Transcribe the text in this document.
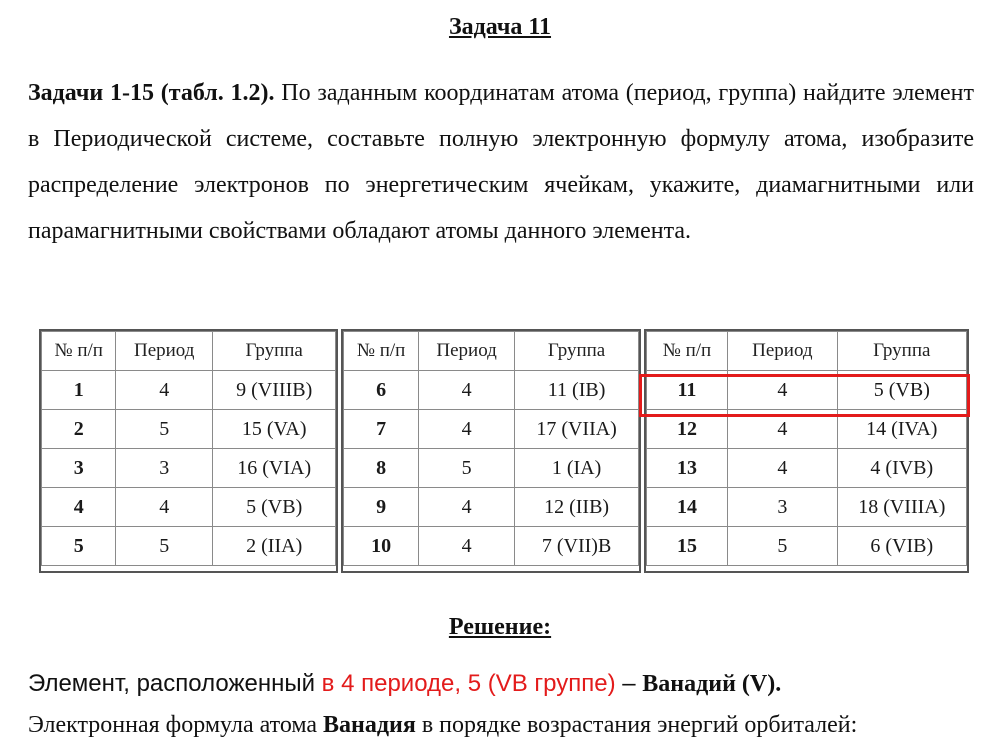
Задача 11
Задачи 1-15 (табл. 1.2). По заданным координатам атома (период, группа) найдите элемент в Периодической системе, составьте полную электронную формулу атома, изобразите распределение электронов по энергетическим ячейкам, укажите, диамагнитными или парамагнитными свойствами обладают атомы данного элемента.
№ п/п	Период	Группа
1	4	9 (VIIIB)
2	5	15 (VA)
3	3	16 (VIA)
4	4	5 (VB)
5	5	2 (IIA)
№ п/п	Период	Группа
6	4	11 (IB)
7	4	17 (VIIA)
8	5	1 (IA)
9	4	12 (IIB)
10	4	7 (VII)B
№ п/п	Период	Группа
11	4	5 (VB)
12	4	14 (IVA)
13	4	4 (IVB)
14	3	18 (VIIIA)
15	5	6 (VIB)
Решение:
Элемент, расположенный в 4 периоде, 5 (VB группе) – Ванадий (V).
Электронная формула атома Ванадия в порядке возрастания энергий орбиталей:
